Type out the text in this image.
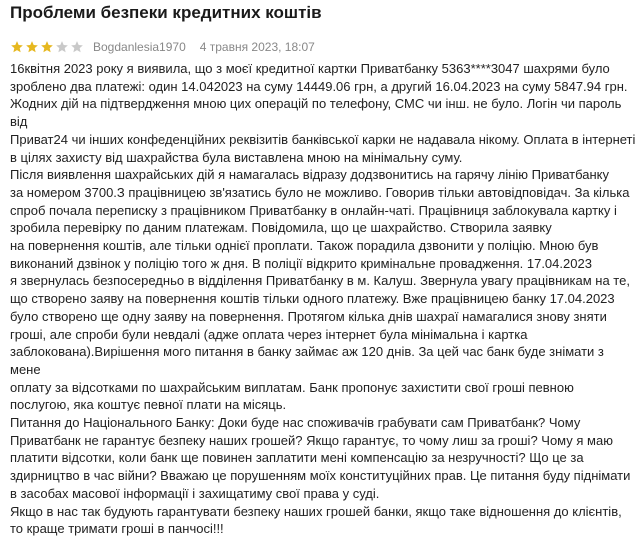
Проблеми безпеки кредитних коштів
Bogdanlesia1970 4 травня 2023, 18:07

16квітня 2023 року я виявила, що з моєї кредитної картки Приватбанку 5363****3047 шахрями було
зроблено два платежі: один 14.042023 на суму 14449.06 грн, а другий 16.04.2023 на суму 5847.94 грн.
Жодних дій на підтвердження мною цих операцій по телефону, СМС чи інш. не було. Логін чи пароль від
Приват24 чи інших конфеденційних реквізитів банківської карки не надавала нікому. Оплата в інтернеті
в цілях захисту від шахрайства була виставлена мною на мінімальну суму.

Після виявлення шахрайських дій я намагалась відразу додзвонитись на гарячу лінію Приватбанку
за номером 3700.З працівницею зв'язатись було не можливо. Говорив тільки автовідповідач. За кілька
спроб почала переписку з працівником Приватбанку в онлайн-чаті. Працівниця заблокувала картку і
зробила перевірку по даним платежам. Повідомила, що це шахрайство. Створила заявку
на повернення коштів, але тільки однієї проплати. Також порадила дзвонити у поліцію. Мною був
виконаний дзвінок у поліцію того ж дня. В поліції відкрито кримінальне провадження. 17.04.2023
я звернулась безпосередньо в відділення Приватбанку в м. Калуш. Звернула увагу працівникам на те,
що створено заяву на повернення коштів тільки одного платежу. Вже працівницею банку 17.04.2023
було створено ще одну заяву на повернення. Протягом кілька днів шахраї намагалися знову зняти
гроші, але спроби були невдалі (адже оплата через інтернет була мінімальна і картка
заблокована).Вирішення мого питання в банку займає аж 120 днів. За цей час банк буде знімати з мене
оплату за відсотками по шахрайським виплатам. Банк пропонує захистити свої гроші певною
послугою, яка коштує певної плати на місяць.

Питання до Національного Банку: Доки буде нас споживачів грабувати сам Приватбанк? Чому
Приватбанк не гарантує безпеку наших грошей? Якщо гарантує, то чому лиш за гроші? Чому я маю
платити відсотки, коли банк ще повинен заплатити мені компенсацію за незручності? Що це за
здирництво в час війни? Вважаю це порушенням моїх конституційних прав. Це питання буду піднімати
в засобах масової інформації і захищатиму свої права у суді.

Якщо в нас так будують гарантувати безпеку наших грошей банки, якщо таке відношення до клієнтів,
то краще тримати гроші в панчосі!!!
